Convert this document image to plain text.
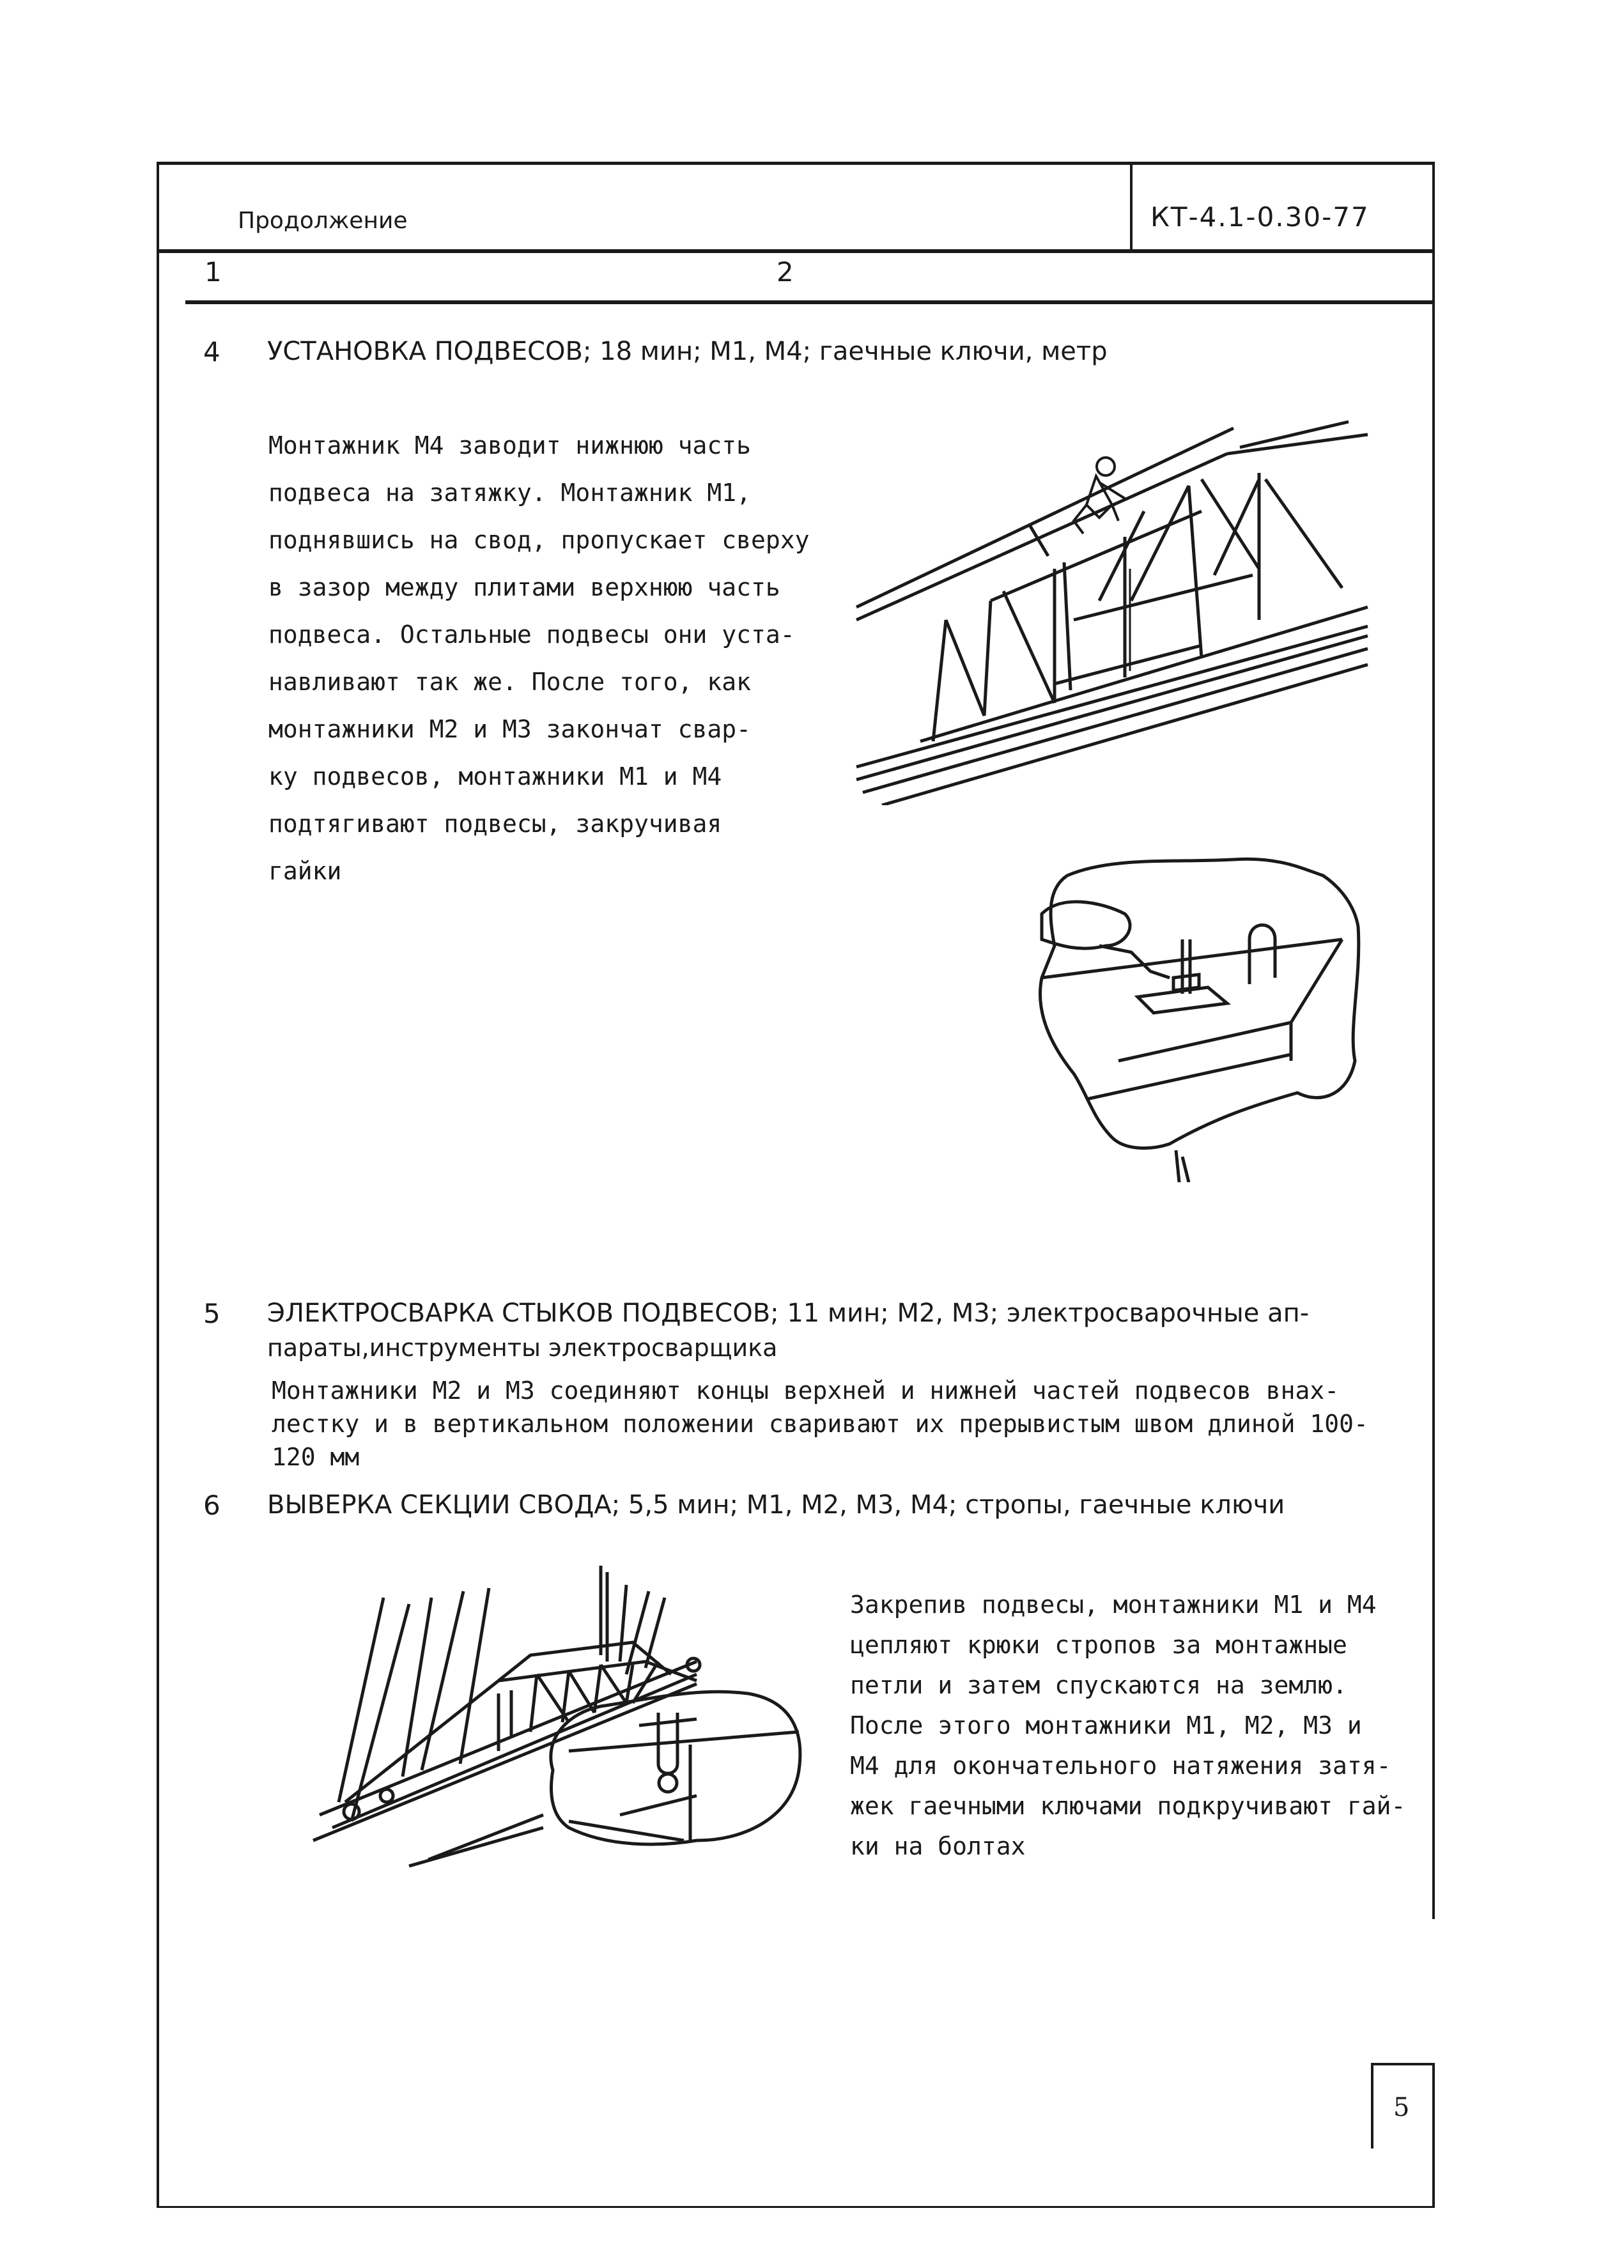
Продолжение	КТ-4.1-0.30-77
1	2
4 УСТАНОВКА ПОДВЕСОВ; 18 мин; М1, М4; гаечные ключи, метр
Монтажник М4 заводит нижнюю часть
подвеса на затяжку. Монтажник М1,
поднявшись на свод, пропускает сверху
в зазор между плитами верхнюю часть
подвеса. Остальные подвесы они уста-
навливают так же. После того, как
монтажники М2 и М3 закончат свар-
ку подвесов, монтажники М1 и М4
подтягивают подвесы, закручивая
гайки
5 ЭЛЕКТРОСВАРКА СТЫКОВ ПОДВЕСОВ; 11 мин; М2, М3; электросварочные ап-
параты,инструменты электросварщика
Монтажники М2 и М3 соединяют концы верхней и нижней частей подвесов внах-
лестку и в вертикальном положении сваривают их прерывистым швом длиной 100-
120 мм
6 ВЫВЕРКА СЕКЦИИ СВОДА; 5,5 мин; М1, М2, М3, М4; стропы, гаечные ключи
Закрепив подвесы, монтажники М1 и М4
цепляют крюки стропов за монтажные
петли и затем спускаются на землю.
После этого монтажники М1, М2, М3 и
М4 для окончательного натяжения затя-
жек гаечными ключами подкручивают гай-
ки на болтах
5
